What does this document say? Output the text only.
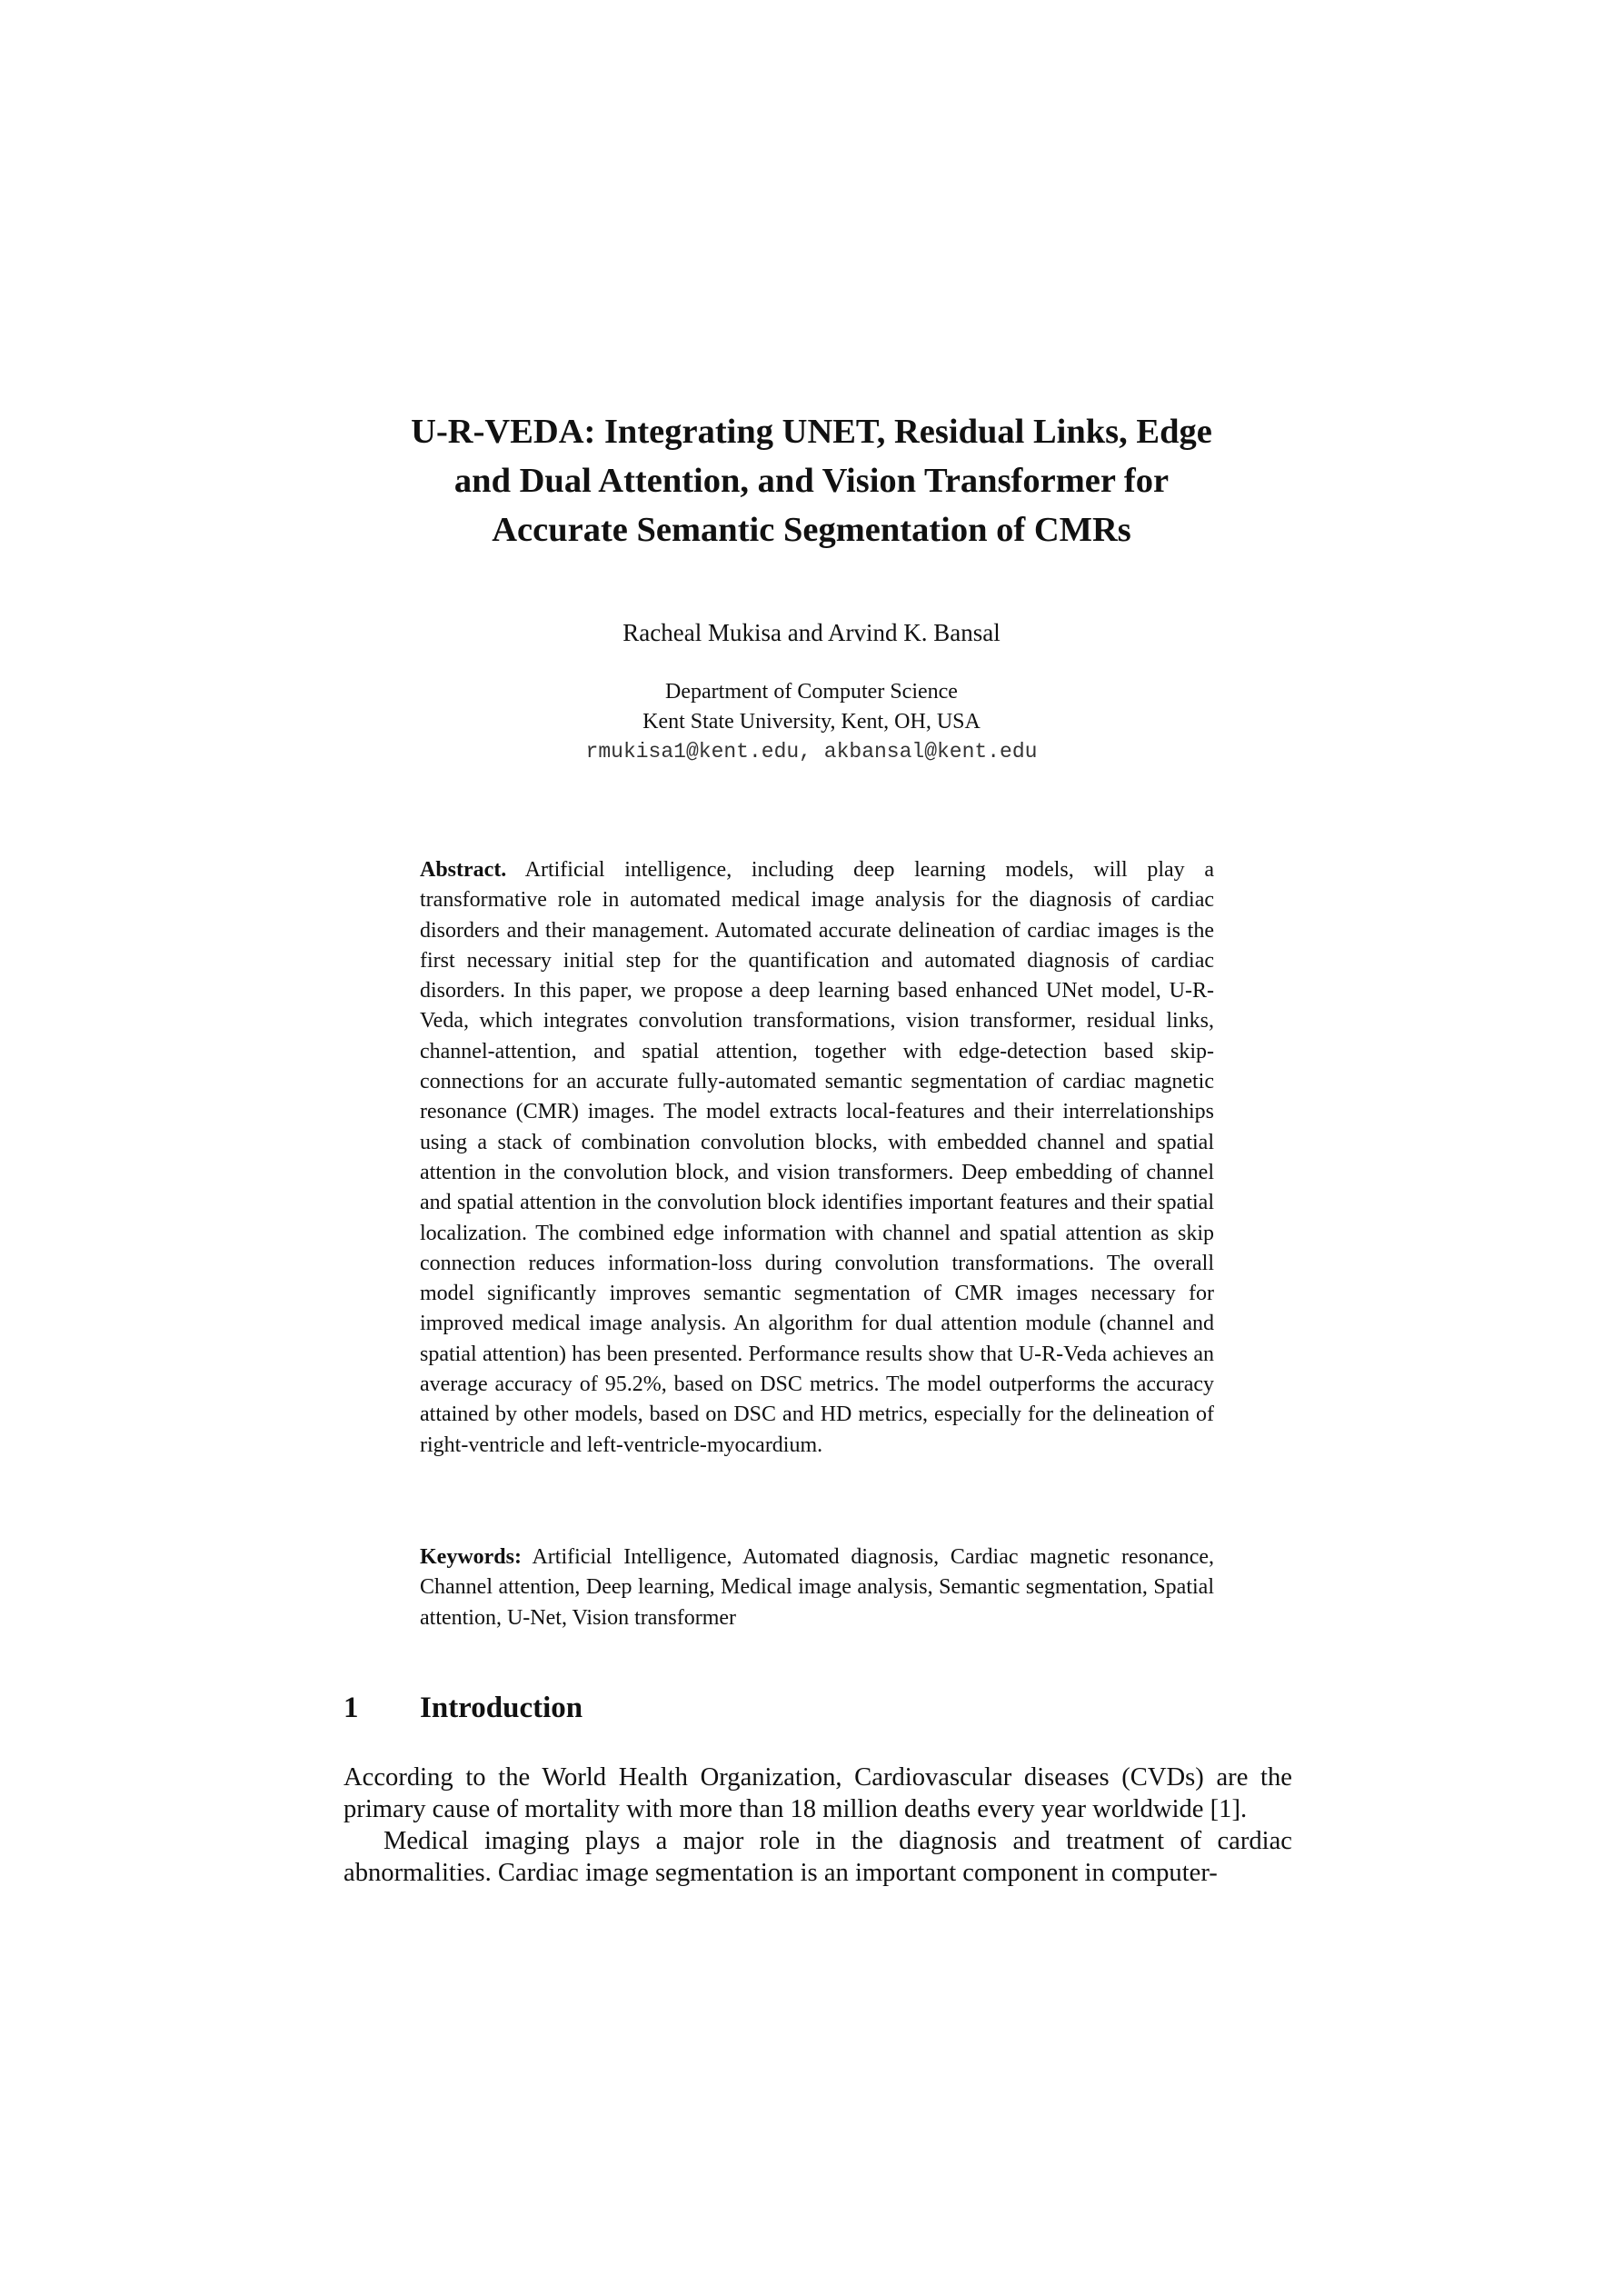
U-R-VEDA: Integrating UNET, Residual Links, Edge
and Dual Attention, and Vision Transformer for
Accurate Semantic Segmentation of CMRs
Racheal Mukisa and Arvind K. Bansal
Department of Computer Science
Kent State University, Kent, OH, USA
rmukisa1@kent.edu, akbansal@kent.edu

Abstract. Artificial intelligence, including deep learning models, will play a transformative role in automated medical image analysis for the diagnosis of cardiac disorders and their management. Automated accurate delineation of cardiac images is the first necessary initial step for the quantification and automated diagnosis of cardiac disorders. In this paper, we propose a deep learning based enhanced UNet model, U-R-Veda, which integrates convolution transformations, vision transformer, residual links, channel-attention, and spatial attention, together with edge-detection based skip-connections for an accurate fully-automated semantic segmentation of cardiac magnetic resonance (CMR) images. The model extracts local-features and their interrelationships using a stack of combination convolution blocks, with embedded channel and spatial attention in the convolution block, and vision transformers. Deep embedding of channel and spatial attention in the convolution block identifies important features and their spatial localization. The combined edge information with channel and spatial attention as skip connection reduces information-loss during convolution transformations. The overall model significantly improves semantic segmentation of CMR images necessary for improved medical image analysis. An algorithm for dual attention module (channel and spatial attention) has been presented. Performance results show that U-R-Veda achieves an average accuracy of 95.2%, based on DSC metrics. The model outperforms the accuracy attained by other models, based on DSC and HD metrics, especially for the delineation of right-ventricle and left-ventricle-myocardium.

Keywords: Artificial Intelligence, Automated diagnosis, Cardiac magnetic resonance, Channel attention, Deep learning, Medical image analysis, Semantic segmentation, Spatial attention, U-Net, Vision transformer

1 Introduction

According to the World Health Organization, Cardiovascular diseases (CVDs) are the primary cause of mortality with more than 18 million deaths every year worldwide [1].

Medical imaging plays a major role in the diagnosis and treatment of cardiac abnormalities. Cardiac image segmentation is an important component in computer-
